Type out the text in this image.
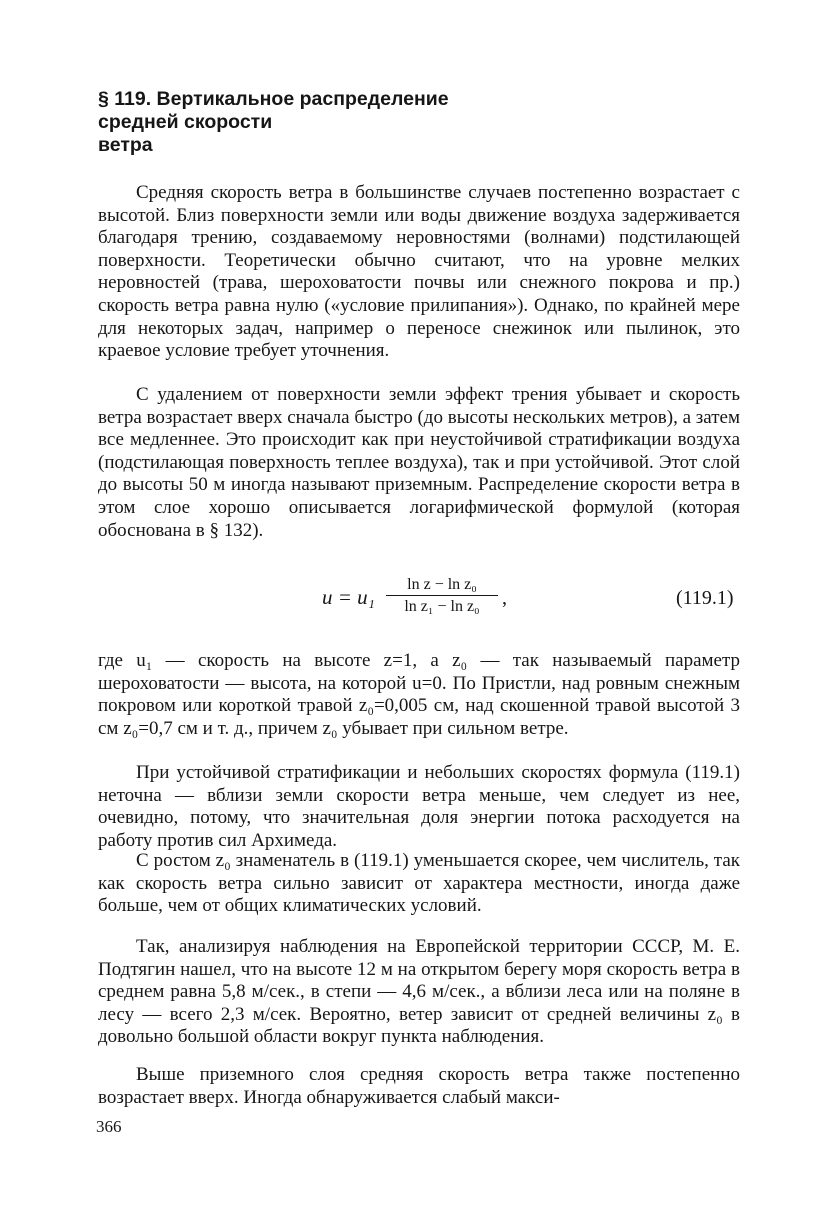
§ 119. Вертикальное распределение
средней скорости
ветра

Средняя скорость ветра в большинстве случаев постепенно возрастает с высотой. Близ поверхности земли или воды движение воздуха задерживается благодаря трению, создаваемому неровностями (волнами) подстилающей поверхности. Теоретически обычно считают, что на уровне мелких неровностей (трава, шероховатости почвы или снежного покрова и пр.) скорость ветра равна нулю («условие прилипания»). Однако, по крайней мере для некоторых задач, например о переносе снежинок или пылинок, это краевое условие требует уточнения.

С удалением от поверхности земли эффект трения убывает и скорость ветра возрастает вверх сначала быстро (до высоты нескольких метров), а затем все медленнее. Это происходит как при неустойчивой стратификации воздуха (подстилающая поверхность теплее воздуха), так и при устойчивой. Этот слой до высоты 50 м иногда называют приземным. Распределение скорости ветра в этом слое хорошо описывается логарифмической формулой (которая обоснована в § 132).

$u = u_1 \frac{\text{ln z − ln z₀}}{\text{ln z₁ − ln z₀}}$ ,	(119.1)

где u₁ — скорость на высоте z=1, а z₀ — так называемый параметр шероховатости — высота, на которой u=0. По Пристли, над ровным снежным покровом или короткой травой z₀=0,005 см, над скошенной травой высотой 3 см z₀=0,7 см и т. д., причем z₀ убывает при сильном ветре.

При устойчивой стратификации и небольших скоростях формула (119.1) неточна — вблизи земли скорости ветра меньше, чем следует из нее, очевидно, потому, что значительная доля энергии потока расходуется на работу против сил Архимеда.

С ростом z₀ знаменатель в (119.1) уменьшается скорее, чем числитель, так как скорость ветра сильно зависит от характера местности, иногда даже больше, чем от общих климатических условий.

Так, анализируя наблюдения на Европейской территории СССР, М. Е. Подтягин нашел, что на высоте 12 м на открытом берегу моря скорость ветра в среднем равна 5,8 м/сек., в степи — 4,6 м/сек., а вблизи леса или на поляне в лесу — всего 2,3 м/сек. Вероятно, ветер зависит от средней величины z₀ в довольно большой области вокруг пункта наблюдения.

Выше приземного слоя средняя скорость ветра также постепенно возрастает вверх. Иногда обнаруживается слабый макси-

366
